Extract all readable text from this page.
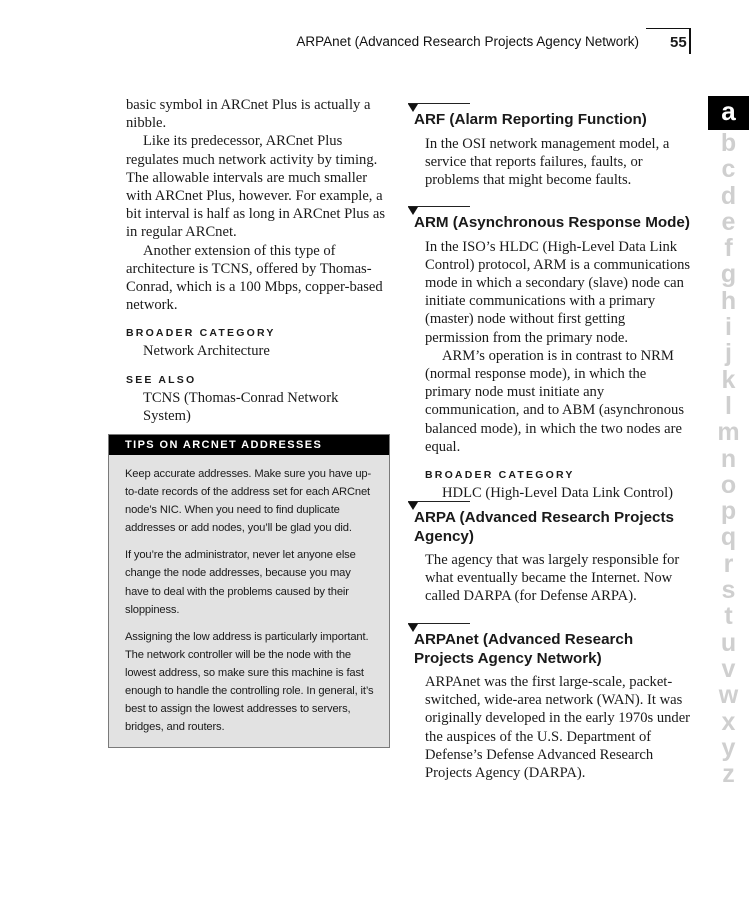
ARPAnet (Advanced Research Projects Agency Network) 55

basic symbol in ARCnet Plus is actually a nibble.

Like its predecessor, ARCnet Plus regulates much network activity by timing. The allowable intervals are much smaller with ARCnet Plus, however. For example, a bit interval is half as long in ARCnet Plus as in regular ARCnet.

Another extension of this type of architecture is TCNS, offered by Thomas-Conrad, which is a 100 Mbps, copper-based network.

BROADER CATEGORY

Network Architecture

SEE ALSO

TCNS (Thomas-Conrad Network System)

TIPS ON ARCNET ADDRESSES

Keep accurate addresses. Make sure you have up-to-date records of the address set for each ARCnet node’s NIC. When you need to find duplicate addresses or add nodes, you’ll be glad you did.

If you’re the administrator, never let anyone else change the node addresses, because you may have to deal with the problems caused by their sloppiness.

Assigning the low address is particularly important. The network controller will be the node with the lowest address, so make sure this machine is fast enough to handle the controlling role. In general, it’s best to assign the lowest addresses to servers, bridges, and routers.

ARF (Alarm Reporting Function)

In the OSI network management model, a service that reports failures, faults, or problems that might become faults.

ARM (Asynchronous Response Mode)

In the ISO’s HLDC (High-Level Data Link Control) protocol, ARM is a communications mode in which a secondary (slave) node can initiate communications with a primary (master) node without first getting permission from the primary node.

ARM’s operation is in contrast to NRM (normal response mode), in which the primary node must initiate any communication, and to ABM (asynchronous balanced mode), in which the two nodes are equal.

BROADER CATEGORY

HDLC (High-Level Data Link Control)

ARPA (Advanced Research Projects Agency)

The agency that was largely responsible for what eventually became the Internet. Now called DARPA (for Defense ARPA).

ARPAnet (Advanced Research Projects Agency Network)

ARPAnet was the first large-scale, packet-switched, wide-area network (WAN). It was originally developed in the early 1970s under the auspices of the U.S. Department of Defense’s Defense Advanced Research Projects Agency (DARPA).

a
b
c
d
e
f
g
h
i
j
k
l
m
n
o
p
q
r
s
t
u
v
w
x
y
z
